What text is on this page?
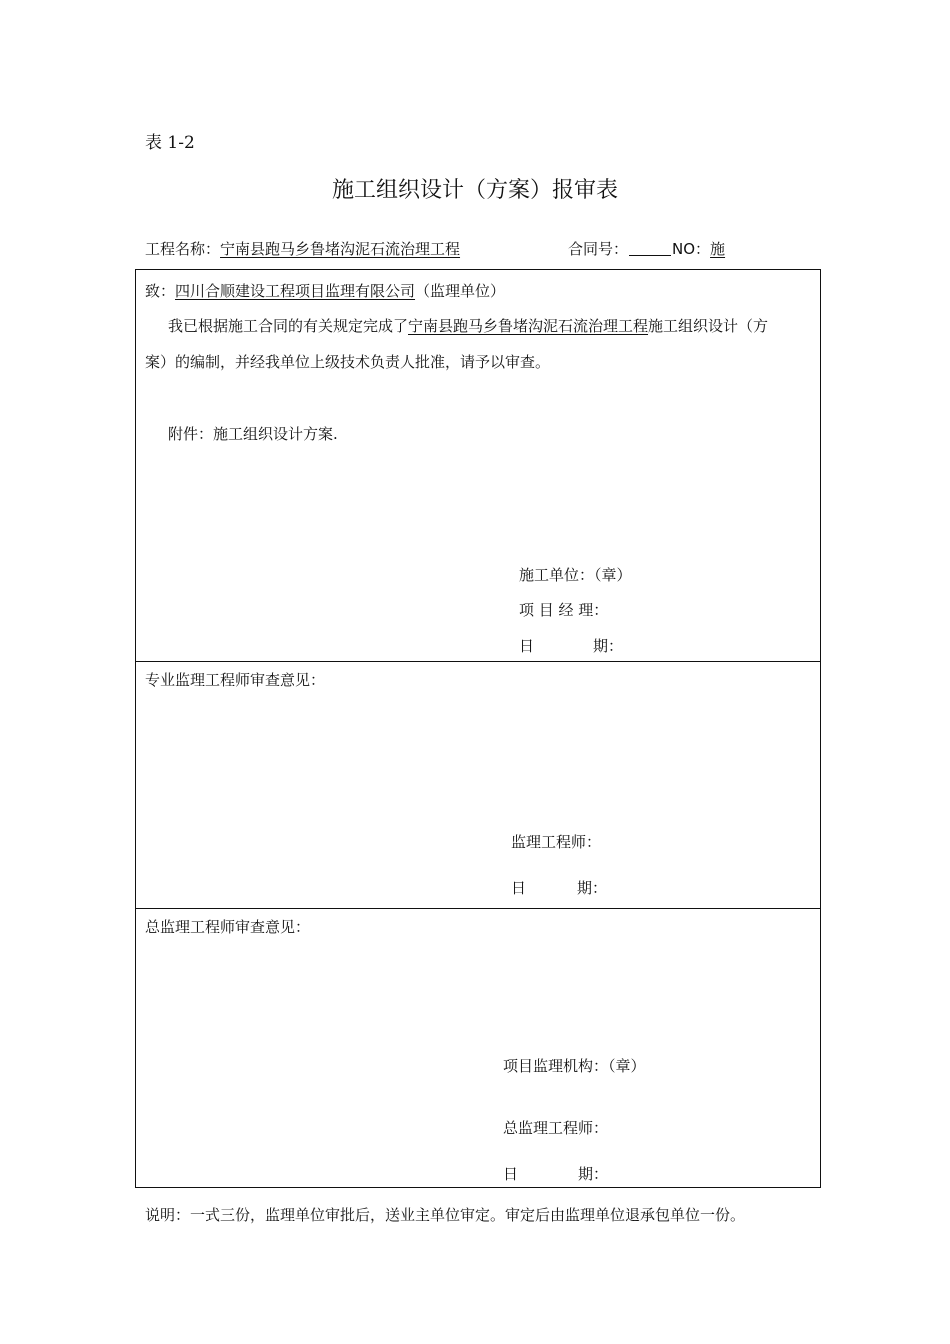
表 1-2
施工组织设计（方案）报审表
工程名称：宁南县跑马乡鲁堵沟泥石流治理工程	合同号：	NO：施
致：四川合顺建设工程项目监理有限公司（监理单位）
我已根据施工合同的有关规定完成了宁南县跑马乡鲁堵沟泥石流治理工程施工组织设计（方
案）的编制，并经我单位上级技术负责人批准，请予以审查。
附件：施工组织设计方案.
施工单位：（章）
项 目 经 理：
日	期：
专业监理工程师审查意见：
监理工程师：
日	期：
总监理工程师审查意见：
项目监理机构：（章）
总监理工程师：
日	期：
说明：一式三份，监理单位审批后，送业主单位审定。审定后由监理单位退承包单位一份。
